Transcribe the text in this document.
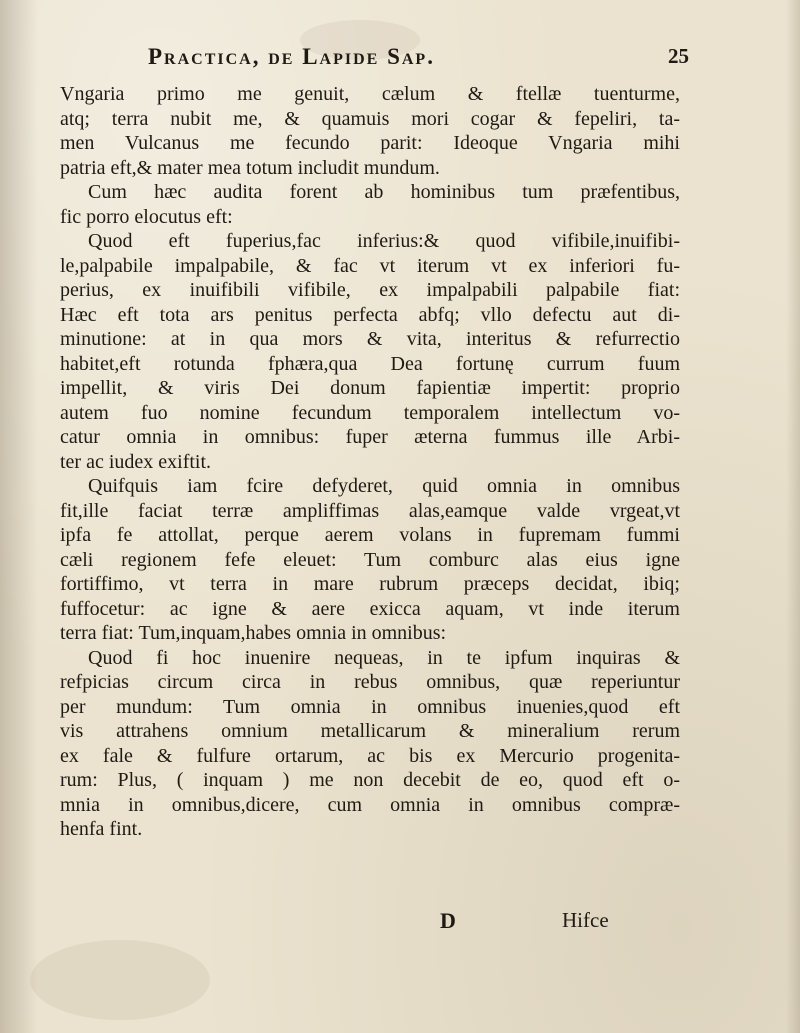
Practica, de Lapide Sap.	25
Vngaria primo me genuit, cælum & ftellæ tuenturme,
atq; terra nubit me, & quamuis mori cogar & fepeliri, ta-
men Vulcanus me fecundo parit: Ideoque Vngaria mihi
patria eft,& mater mea totum includit mundum.
Cum hæc audita forent ab hominibus tum præfentibus,
fic porro elocutus eft:
Quod eft fuperius,fac inferius:& quod vifibile,inuifibi-
le,palpabile impalpabile, & fac vt iterum vt ex inferiori fu-
perius, ex inuifibili vifibile, ex impalpabili palpabile fiat:
Hæc eft tota ars penitus perfecta abfq; vllo defectu aut di-
minutione: at in qua mors & vita, interitus & refurrectio
habitet,eft rotunda fphæra,qua Dea fortunę currum fuum
impellit, & viris Dei donum fapientiæ impertit: proprio
autem fuo nomine fecundum temporalem intellectum vo-
catur omnia in omnibus: fuper æterna fummus ille Arbi-
ter ac iudex exiftit.
Quifquis iam fcire defyderet, quid omnia in omnibus
fit,ille faciat terræ ampliffimas alas,eamque valde vrgeat,vt
ipfa fe attollat, perque aerem volans in fupremam fummi
cæli regionem fefe eleuet: Tum comburc alas eius igne
fortiffimo, vt terra in mare rubrum præceps decidat, ibiq;
fuffocetur: ac igne & aere exicca aquam, vt inde iterum
terra fiat: Tum,inquam,habes omnia in omnibus:
Quod fi hoc inuenire nequeas, in te ipfum inquiras &
refpicias circum circa in rebus omnibus, quæ reperiuntur
per mundum: Tum omnia in omnibus inuenies,quod eft
vis attrahens omnium metallicarum & mineralium rerum
ex fale & fulfure ortarum, ac bis ex Mercurio progenita-
rum: Plus, ( inquam ) me non decebit de eo, quod eft o-
mnia in omnibus,dicere, cum omnia in omnibus compræ-
henfa fint.
D	Hifce
